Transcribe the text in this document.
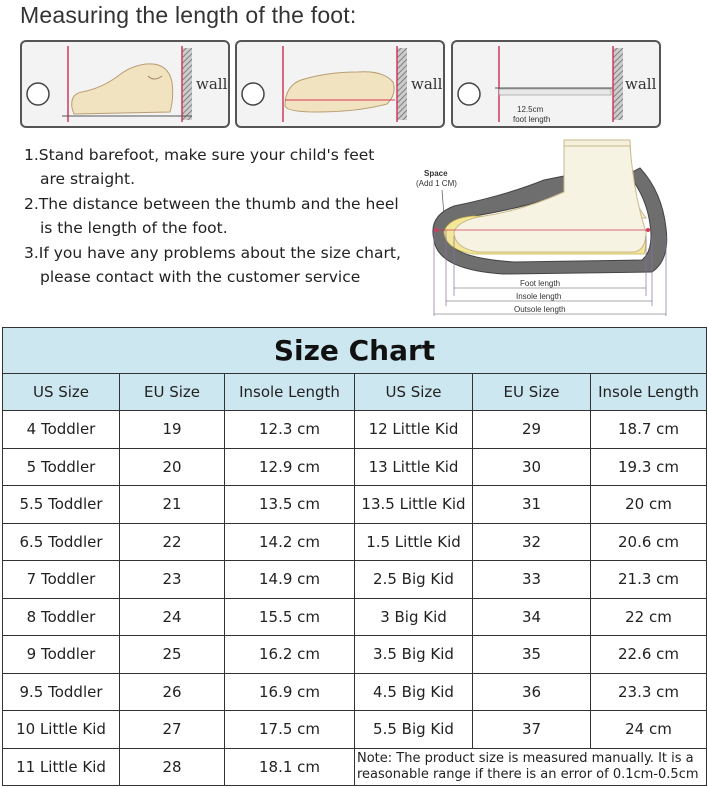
Measuring the length of the foot:
wall	wall
12.5cm
foot length
wall
1.Stand barefoot, make sure your child's feet
are straight.
2.The distance between the thumb and the heel
is the length of the foot.
3.If you have any problems about the size chart,
please contact with the customer service
Space
(Add 1 CM)
Foot length
Insole length
Outsole length
Size Chart					
US Size	EU Size	Insole Length	US Size	EU Size	Insole Length
4 Toddler	19	12.3 cm	12 Little Kid	29	18.7 cm
5 Toddler	20	12.9 cm	13 Little Kid	30	19.3 cm
5.5 Toddler	21	13.5 cm	13.5 Little Kid	31	20 cm
6.5 Toddler	22	14.2 cm	1.5 Little Kid	32	20.6 cm
7 Toddler	23	14.9 cm	2.5 Big Kid	33	21.3 cm
8 Toddler	24	15.5 cm	3 Big Kid	34	22 cm
9 Toddler	25	16.2 cm	3.5 Big Kid	35	22.6 cm
9.5 Toddler	26	16.9 cm	4.5 Big Kid	36	23.3 cm
10 Little Kid	27	17.5 cm	5.5 Big Kid	37	24 cm
11 Little Kid	28	18.1 cm	Note: The product size is measured manually. It is a reasonable range if there is an error of 0.1cm-0.5cm		
